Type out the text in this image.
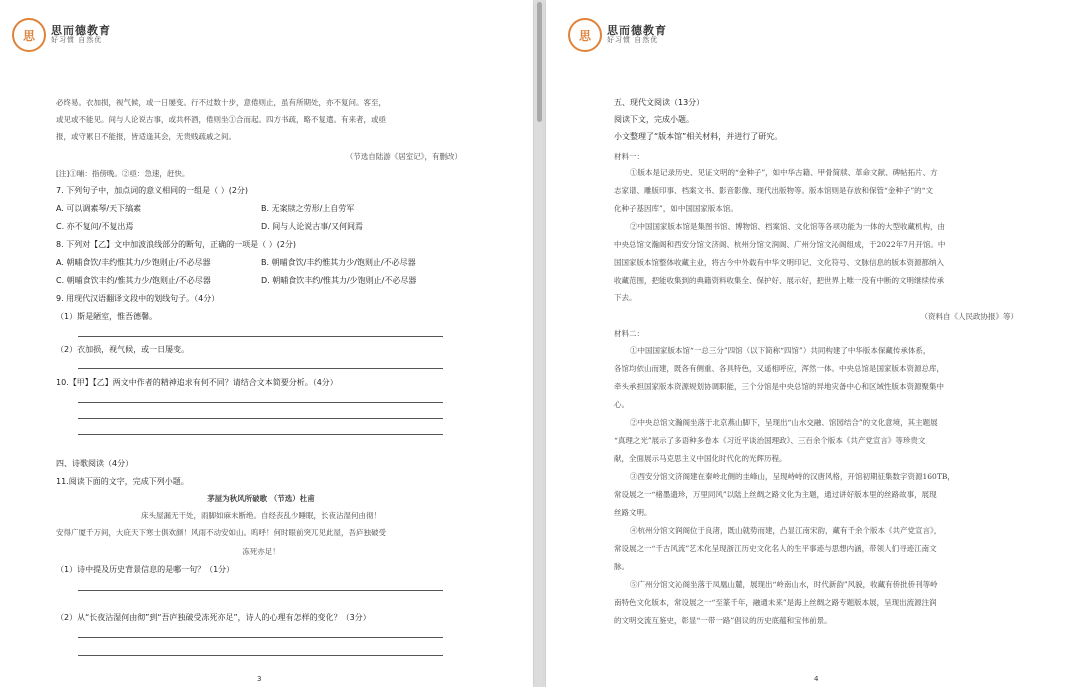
思	思而德教育
好习惯 自然优
必终易。衣加损，视气候，或一日屡变。行不过数十步，意倦则止，虽有所期处，亦不复问。客至，
或见或不能见。间与人论说古事，或共杯酒，倦则坐①合而起。四方书疏，略不复遣。有来者，或亟
报，或守累日不能报，皆适逢其会，无贵贱疏戚之间。
（节选自陆游《居室记》，有删改）
[注]①晡：指傍晚。②亟：急速，赶快。
7. 下列句子中，加点词的意义相同的一组是（ ）(2分)
A. 可以调素琴/天下缟素	B. 无案牍之劳形/上自劳军
C. 亦不复问/不复出焉	D. 间与人论说古事/又何间焉
8. 下列对【乙】文中加波浪线部分的断句，正确的一项是（ ）(2分)
A. 朝晡食饮/丰约惟其力/少饱则止/不必尽器	B. 朝晡食饮/丰约惟其力少/饱则止/不必尽器
C. 朝晡食饮丰约/惟其力少/饱则止/不必尽器	D. 朝晡食饮丰约/惟其力/少饱则止/不必尽器
9. 用现代汉语翻译文段中的划线句子。（4分）
（1）斯是陋室，惟吾德馨。
（2）衣加损，视气候，或一日屡变。
10.【甲】【乙】两文中作者的精神追求有何不同？请结合文本简要分析。（4分）
四、诗歌阅读（4分）
11.阅读下面的文字，完成下列小题。
茅屋为秋风所破歌 （节选）杜甫
床头屋漏无干处，雨脚如麻未断绝。自经丧乱少睡眠，长夜沾湿何由彻！
安得广厦千万间，大庇天下寒士俱欢颜！风雨不动安如山。呜呼！何时眼前突兀见此屋，吾庐独破受
冻死亦足！
（1）诗中提及历史背景信息的是哪一句？（1分）
（2）从“长夜沾湿何由彻”到“吾庐独破受冻死亦足”，诗人的心理有怎样的变化？（3分）
3
思	思而德教育
好习惯 自然优
五、现代文阅读（13分）
阅读下文，完成小题。
小文整理了“版本馆”相关材料，并进行了研究。
材料一：
①版本是记录历史、见证文明的“金种子”，如中华古籍、甲骨简牍、革命文献、碑帖拓片、方
志家谱、雕版印事、档案文书、影音影像、现代出版物等。版本馆则是存放和保管“金种子”的“文
化种子基因库”，如中国国家版本馆。
②中国国家版本馆是集图书馆、博物馆、档案馆、文化馆等各项功能为一体的大型收藏机构，由
中央总馆文瀚阁和西安分馆文济阁、杭州分馆文润阁、广州分馆文沁阁组成，于2022年7月开馆。中
国国家版本馆整体收藏主业，将古今中外载有中华文明印记、文化符号、文脉信息的版本资源都纳入
收藏范围，把能收集到的典籍资料收集全、保护好、展示好，把世界上唯一没有中断的文明继续传承
下去。
（资料自《人民政协报》等）
材料二：
①中国国家版本馆“一总三分”四馆（以下简称“四馆”）共同构建了中华版本保藏传承体系，
各馆均依山而建，既各有侧重、各具特色，又遥相呼应，浑然一体。中央总馆是国家版本资源总库，
牵头承担国家版本资源规划协调职能，三个分馆是中央总馆的异地灾备中心和区域性版本资源聚集中
心。
②中央总馆文瀚阁坐落于北京燕山脚下，呈现出“山水交融、馆园结合”的文化意境，其主题展
“真理之光”展示了多语种多卷本《习近平谈治国理政》、三百余个版本《共产党宣言》等珍贵文
献，全面展示马克思主义中国化时代化的光辉历程。
③西安分馆文济阁建在秦岭北侧的圭峰山，呈现峙峙的汉唐风格，开馆初期征集数字资源160TB，
常设展之一“楮墨遗珍，万里同风”以陆上丝绸之路文化为主题，通过讲好版本里的丝路故事，展现
丝路文明。
④杭州分馆文润阁位于良渚，既山就势而建，凸显江南宋韵，藏有千余个版本《共产党宣言》，
常设展之一“千古风流”艺术化呈现浙江历史文化名人的生平事迹与思想内涵，带领人们寻迹江南文
脉。
⑤广州分馆文沁阁坐落于凤凰山麓，展现出“岭南山水，时代新韵”风貌，收藏有侨批侨刊等岭
南特色文化版本，常设展之一“至篆千年，融通未来”是海上丝绸之路专题版本展，呈现出流源注润
的文明交流互鉴史，彰显“一带一路”倡议的历史底蕴和宝伟前景。
4
